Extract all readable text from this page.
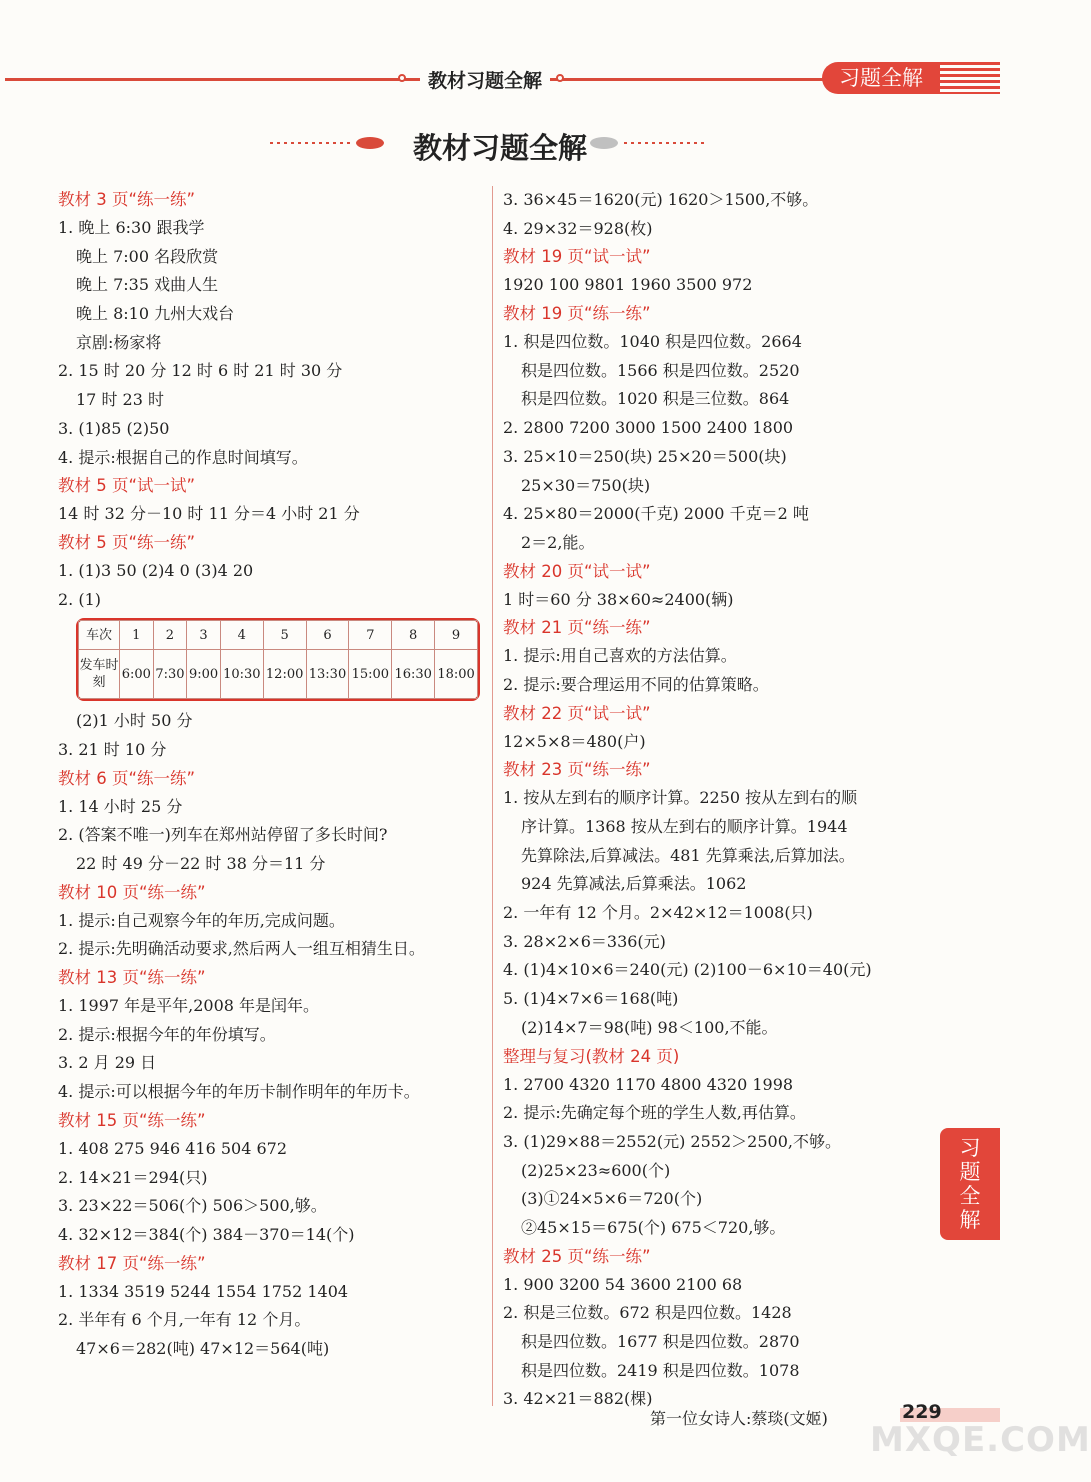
教材习题全解	习题全解
教材习题全解
教材 3 页“练一练”
1. 晚上 6:30 跟我学
晚上 7:00 名段欣赏
晚上 7:35 戏曲人生
晚上 8:10 九州大戏台
京剧:杨家将
2. 15 时 20 分 12 时 6 时 21 时 30 分
17 时 23 时
3. (1)85 (2)50
4. 提示:根据自己的作息时间填写。
教材 5 页“试一试”
14 时 32 分－10 时 11 分＝4 小时 21 分
教材 5 页“练一练”
1. (1)3 50 (2)4 0 (3)4 20
2. (1)
车次	1	2	3	4	5	6	7	8	9
发车时刻	6:00	7:30	9:00	10:30	12:00	13:30	15:00	16:30	18:00
(2)1 小时 50 分
3. 21 时 10 分
教材 6 页“练一练”
1. 14 小时 25 分
2. (答案不唯一)列车在郑州站停留了多长时间?
22 时 49 分－22 时 38 分＝11 分
教材 10 页“练一练”
1. 提示:自己观察今年的年历,完成问题。
2. 提示:先明确活动要求,然后两人一组互相猜生日。
教材 13 页“练一练”
1. 1997 年是平年,2008 年是闰年。
2. 提示:根据今年的年份填写。
3. 2 月 29 日
4. 提示:可以根据今年的年历卡制作明年的年历卡。
教材 15 页“练一练”
1. 408 275 946 416 504 672
2. 14×21＝294(只)
3. 23×22＝506(个) 506＞500,够。
4. 32×12＝384(个) 384－370＝14(个)
教材 17 页“练一练”
1. 1334 3519 5244 1554 1752 1404
2. 半年有 6 个月,一年有 12 个月。
47×6＝282(吨) 47×12＝564(吨)
3. 36×45＝1620(元) 1620＞1500,不够。
4. 29×32＝928(枚)
教材 19 页“试一试”
1920 100 9801 1960 3500 972
教材 19 页“练一练”
1. 积是四位数。1040 积是四位数。2664
积是四位数。1566 积是四位数。2520
积是四位数。1020 积是三位数。864
2. 2800 7200 3000 1500 2400 1800
3. 25×10＝250(块) 25×20＝500(块)
25×30＝750(块)
4. 25×80＝2000(千克) 2000 千克＝2 吨
2＝2,能。
教材 20 页“试一试”
1 时＝60 分 38×60≈2400(辆)
教材 21 页“练一练”
1. 提示:用自己喜欢的方法估算。
2. 提示:要合理运用不同的估算策略。
教材 22 页“试一试”
12×5×8＝480(户)
教材 23 页“练一练”
1. 按从左到右的顺序计算。2250 按从左到右的顺
序计算。1368 按从左到右的顺序计算。1944
先算除法,后算减法。481 先算乘法,后算加法。
924 先算减法,后算乘法。1062
2. 一年有 12 个月。2×42×12＝1008(只)
3. 28×2×6＝336(元)
4. (1)4×10×6＝240(元) (2)100－6×10＝40(元)
5. (1)4×7×6＝168(吨)
(2)14×7＝98(吨) 98＜100,不能。
整理与复习(教材 24 页)
1. 2700 4320 1170 4800 4320 1998
2. 提示:先确定每个班的学生人数,再估算。
3. (1)29×88＝2552(元) 2552＞2500,不够。
(2)25×23≈600(个)
(3)①24×5×6＝720(个)
②45×15＝675(个) 675＜720,够。
教材 25 页“练一练”
1. 900 3200 54 3600 2100 68
2. 积是三位数。672 积是四位数。1428
积是四位数。1677 积是四位数。2870
积是四位数。2419 积是四位数。1078
3. 42×21＝882(棵)
习题全解
第一位女诗人:蔡琰(文姬)	229
MXQE.COM
